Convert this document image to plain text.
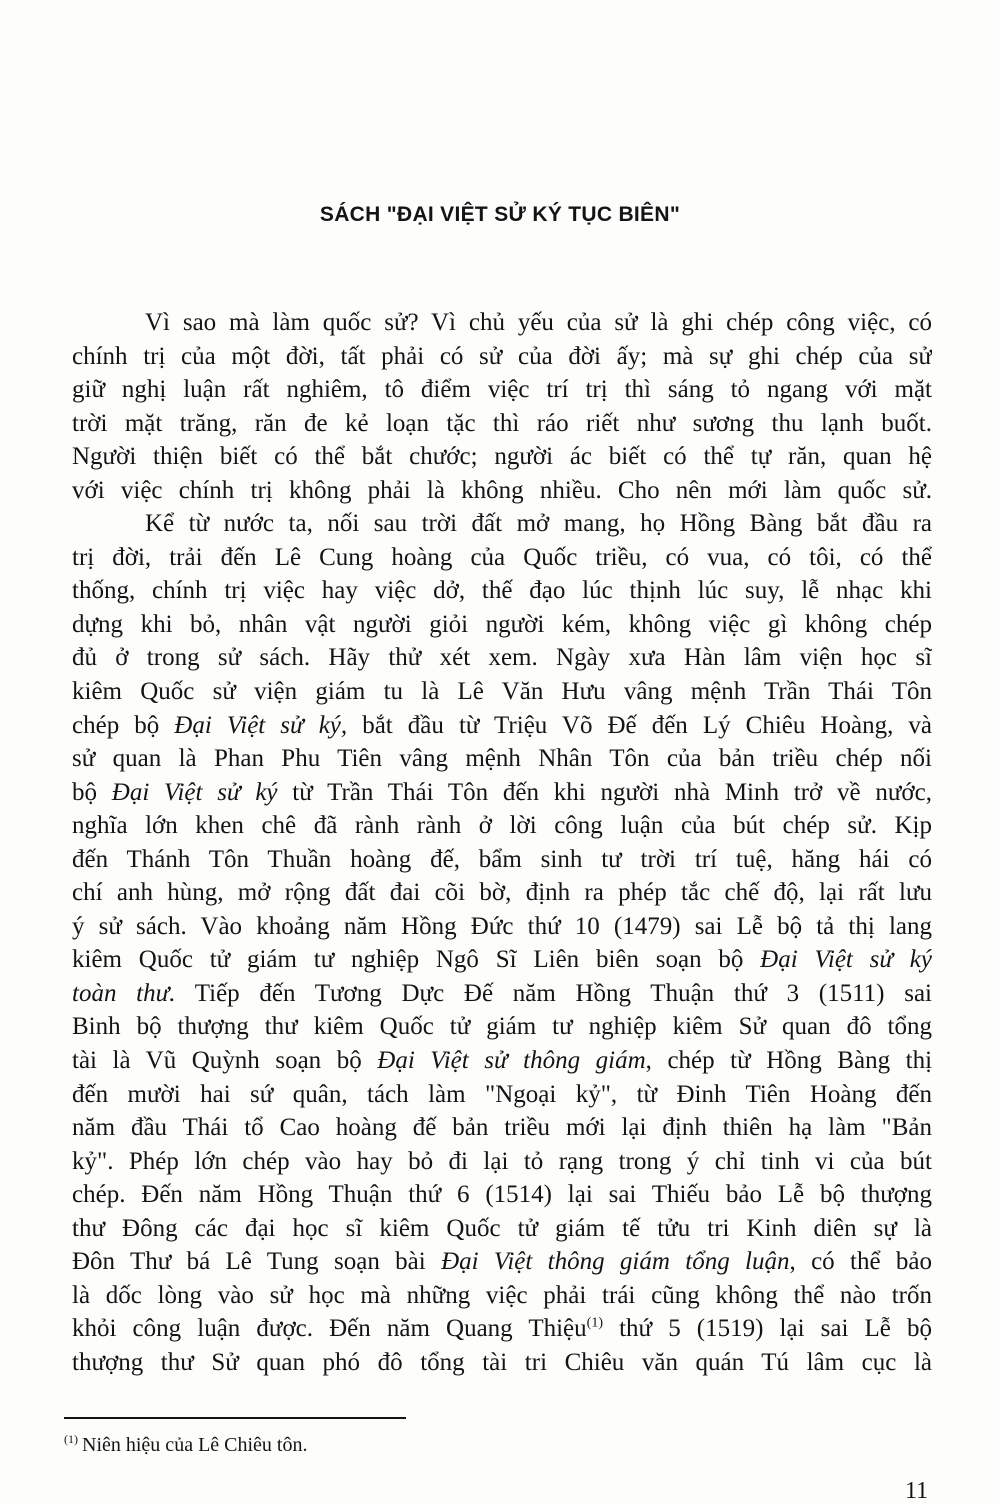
SÁCH "ĐẠI VIỆT SỬ KÝ TỤC BIÊN"
Vì sao mà làm quốc sử? Vì chủ yếu của sử là ghi chép công việc, có
chính trị của một đời, tất phải có sử của đời ấy; mà sự ghi chép của sử
giữ nghị luận rất nghiêm, tô điểm việc trí trị thì sáng tỏ ngang với mặt
trời mặt trăng, răn đe kẻ loạn tặc thì ráo riết như sương thu lạnh buốt.
Người thiện biết có thể bắt chước; người ác biết có thể tự răn, quan hệ
với việc chính trị không phải là không nhiều. Cho nên mới làm quốc sử.
Kể từ nước ta, nối sau trời đất mở mang, họ Hồng Bàng bắt đầu ra
trị đời, trải đến Lê Cung hoàng của Quốc triều, có vua, có tôi, có thể
thống, chính trị việc hay việc dở, thế đạo lúc thịnh lúc suy, lễ nhạc khi
dựng khi bỏ, nhân vật người giỏi người kém, không việc gì không chép
đủ ở trong sử sách. Hãy thử xét xem. Ngày xưa Hàn lâm viện học sĩ
kiêm Quốc sử viện giám tu là Lê Văn Hưu vâng mệnh Trần Thái Tôn
chép bộ Đại Việt sử ký, bắt đầu từ Triệu Võ Đế đến Lý Chiêu Hoàng, và
sử quan là Phan Phu Tiên vâng mệnh Nhân Tôn của bản triều chép nối
bộ Đại Việt sử ký từ Trần Thái Tôn đến khi người nhà Minh trở về nước,
nghĩa lớn khen chê đã rành rành ở lời công luận của bút chép sử. Kịp
đến Thánh Tôn Thuần hoàng đế, bẩm sinh tư trời trí tuệ, hăng hái có
chí anh hùng, mở rộng đất đai cõi bờ, định ra phép tắc chế độ, lại rất lưu
ý sử sách. Vào khoảng năm Hồng Đức thứ 10 (1479) sai Lễ bộ tả thị lang
kiêm Quốc tử giám tư nghiệp Ngô Sĩ Liên biên soạn bộ Đại Việt sử ký
toàn thư. Tiếp đến Tương Dực Đế năm Hồng Thuận thứ 3 (1511) sai
Binh bộ thượng thư kiêm Quốc tử giám tư nghiệp kiêm Sử quan đô tổng
tài là Vũ Quỳnh soạn bộ Đại Việt sử thông giám, chép từ Hồng Bàng thị
đến mười hai sứ quân, tách làm "Ngoại kỷ", từ Đinh Tiên Hoàng đến
năm đầu Thái tổ Cao hoàng đế bản triều mới lại định thiên hạ làm "Bản
kỷ". Phép lớn chép vào hay bỏ đi lại tỏ rạng trong ý chỉ tinh vi của bút
chép. Đến năm Hồng Thuận thứ 6 (1514) lại sai Thiếu bảo Lễ bộ thượng
thư Đông các đại học sĩ kiêm Quốc tử giám tế tửu tri Kinh diên sự là
Đôn Thư bá Lê Tung soạn bài Đại Việt thông giám tổng luận, có thể bảo
là dốc lòng vào sử học mà những việc phải trái cũng không thể nào trốn
khỏi công luận được. Đến năm Quang Thiệu$^{(1)}$ thứ 5 (1519) lại sai Lễ bộ
thượng thư Sử quan phó đô tổng tài tri Chiêu văn quán Tú lâm cục là
$^{(1)}$ Niên hiệu của Lê Chiêu tôn.
11
